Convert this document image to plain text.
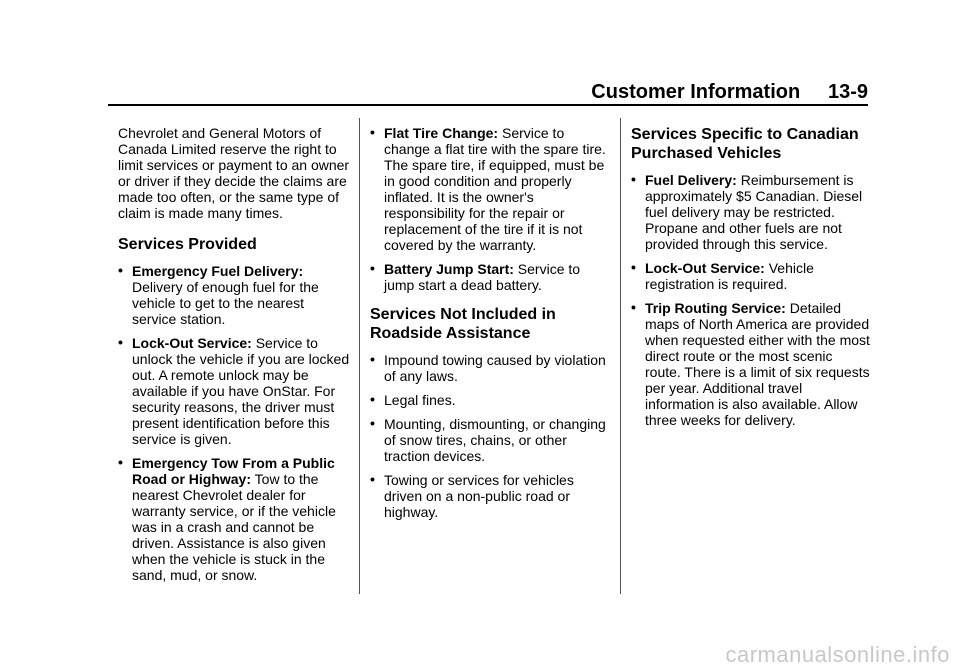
Customer Information     13-9

Chevrolet and General Motors of Canada Limited reserve the right to limit services or payment to an owner or driver if they decide the claims are made too often, or the same type of claim is made many times.

Services Provided
• Emergency Fuel Delivery: Delivery of enough fuel for the vehicle to get to the nearest service station.
• Lock-Out Service: Service to unlock the vehicle if you are locked out. A remote unlock may be available if you have OnStar. For security reasons, the driver must present identification before this service is given.
• Emergency Tow From a Public Road or Highway: Tow to the nearest Chevrolet dealer for warranty service, or if the vehicle was in a crash and cannot be driven. Assistance is also given when the vehicle is stuck in the sand, mud, or snow.
• Flat Tire Change: Service to change a flat tire with the spare tire. The spare tire, if equipped, must be in good condition and properly inflated. It is the owner's responsibility for the repair or replacement of the tire if it is not covered by the warranty.
• Battery Jump Start: Service to jump start a dead battery.
Services Not Included in Roadside Assistance
• Impound towing caused by violation of any laws.
• Legal fines.
• Mounting, dismounting, or changing of snow tires, chains, or other traction devices.
• Towing or services for vehicles driven on a non-public road or highway.
Services Specific to Canadian Purchased Vehicles
• Fuel Delivery: Reimbursement is approximately $5 Canadian. Diesel fuel delivery may be restricted. Propane and other fuels are not provided through this service.
• Lock-Out Service: Vehicle registration is required.
• Trip Routing Service: Detailed maps of North America are provided when requested either with the most direct route or the most scenic route. There is a limit of six requests per year. Additional travel information is also available. Allow three weeks for delivery.
carmanualsonline.info
